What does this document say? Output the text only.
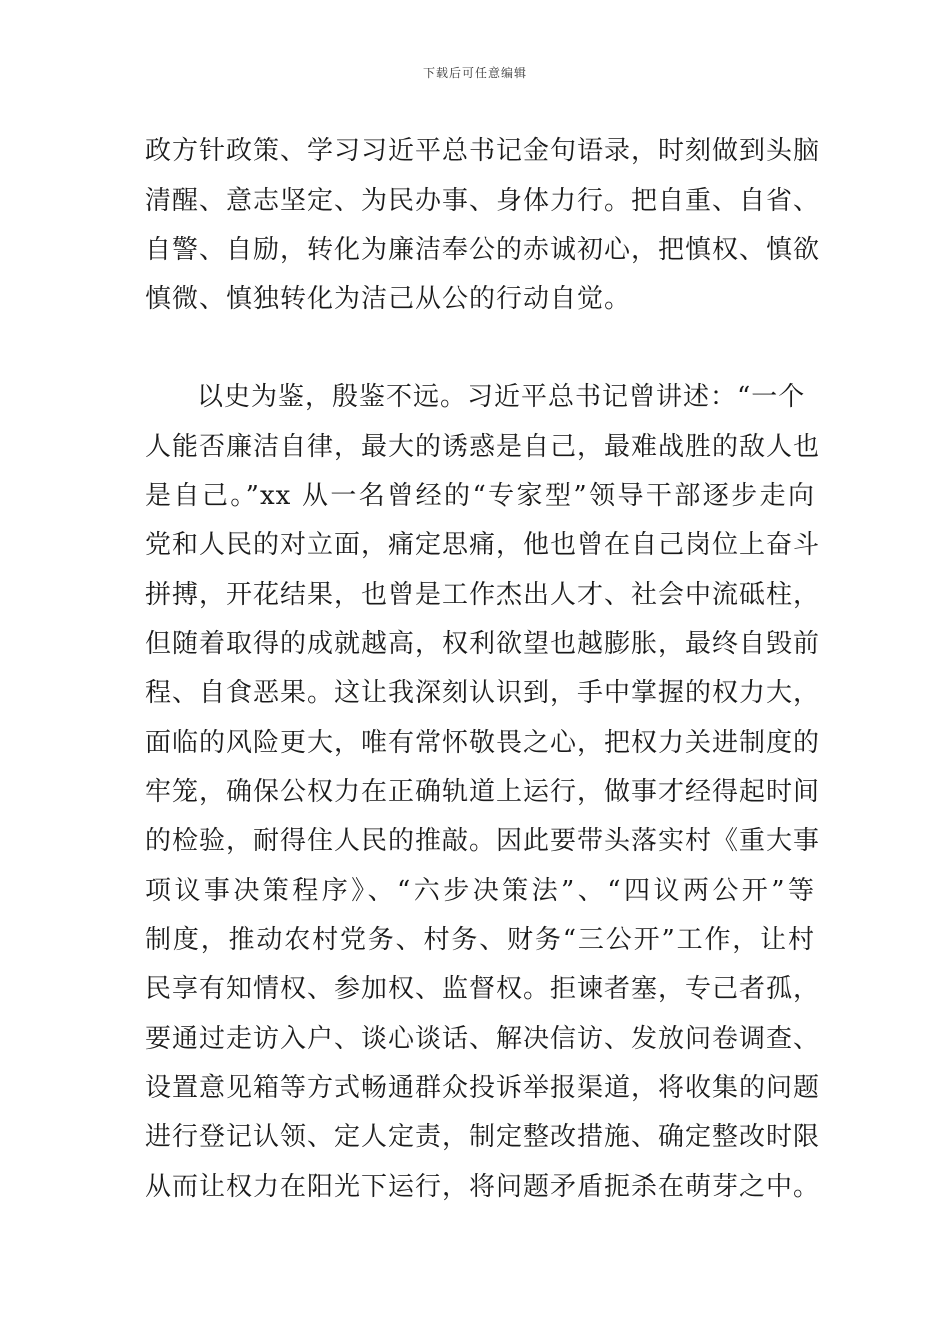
下载后可任意编辑
政方针政策、学习习近平总书记金句语录，时刻做到头脑
清醒、意志坚定、为民办事、身体力行。把自重、自省、
自警、自励，转化为廉洁奉公的赤诚初心，把慎权、慎欲
慎微、慎独转化为洁己从公的行动自觉。
以史为鉴，殷鉴不远。习近平总书记曾讲述：“一个
人能否廉洁自律，最大的诱惑是自己，最难战胜的敌人也
是自己。”xx 从一名曾经的“专家型”领导干部逐步走向
党和人民的对立面，痛定思痛，他也曾在自己岗位上奋斗
拼搏，开花结果，也曾是工作杰出人才、社会中流砥柱，
但随着取得的成就越高，权利欲望也越膨胀，最终自毁前
程、自食恶果。这让我深刻认识到，手中掌握的权力大，
面临的风险更大，唯有常怀敬畏之心，把权力关进制度的
牢笼，确保公权力在正确轨道上运行，做事才经得起时间
的检验，耐得住人民的推敲。因此要带头落实村《重大事
项议事决策程序》、“六步决策法”、“四议两公开”等
制度，推动农村党务、村务、财务“三公开”工作，让村
民享有知情权、参加权、监督权。拒谏者塞，专己者孤，
要通过走访入户、谈心谈话、解决信访、发放问卷调查、
设置意见箱等方式畅通群众投诉举报渠道，将收集的问题
进行登记认领、定人定责，制定整改措施、确定整改时限
从而让权力在阳光下运行，将问题矛盾扼杀在萌芽之中。
